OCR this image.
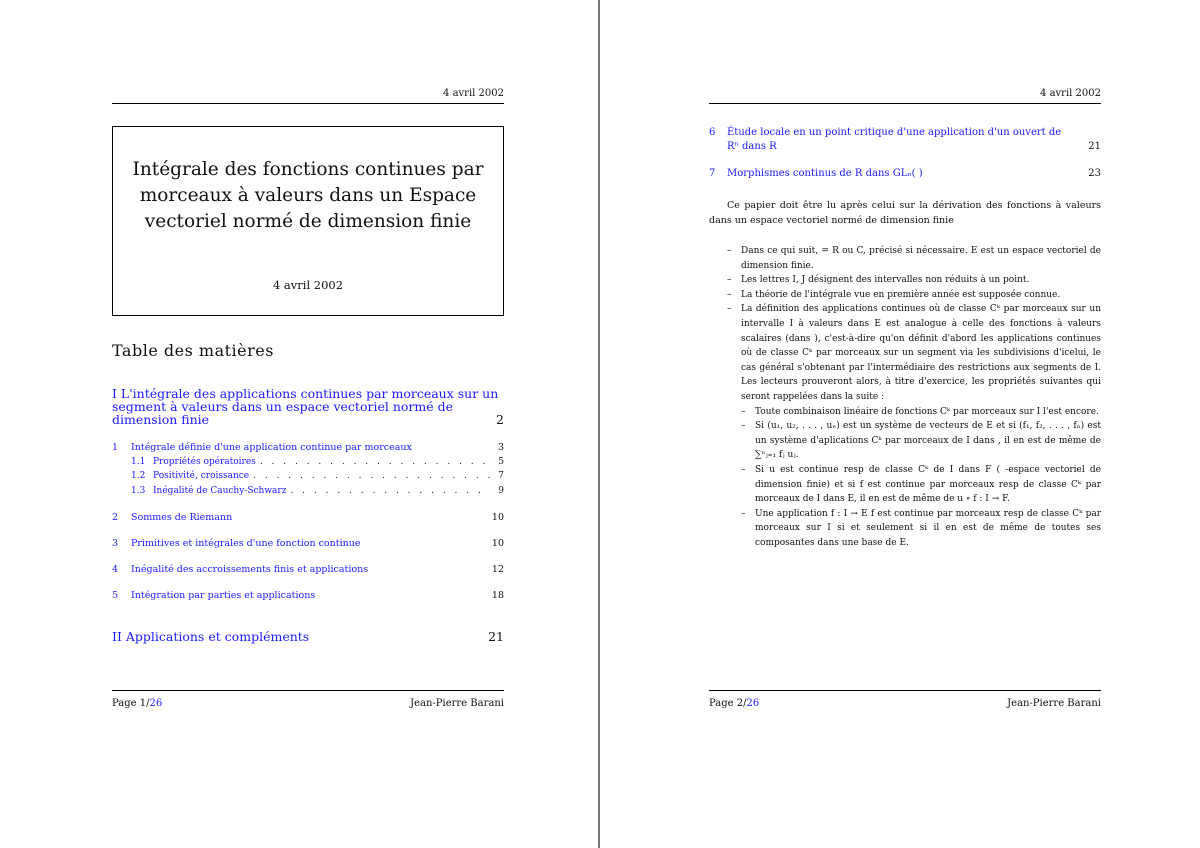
4 avril 2002
Intégrale des fonctions continues par morceaux à valeurs dans un Espace vectoriel normé de dimension finie
4 avril 2002
Table des matières
I L'intégrale des applications continues par morceaux sur un segment à valeurs dans un espace vectoriel normé de dimension finie	2
1	Intégrale définie d'une application continue par morceaux	3
1.1 Propriétés opératoires . . .	5
1.2 Positivité, croissance . . .	7
1.3 Inégalité de Cauchy-Schwarz . . .	9
2	Sommes de Riemann	10
3	Primitives et intégrales d'une fonction continue	10
4	Inégalité des accroissements finis et applications	12
5	Intégration par parties et applications	18
II Applications et compléments	21
Page 1/26	Jean-Pierre Barani
4 avril 2002
6 Étude locale en un point critique d'une application d'un ouvert de Rⁿ dans R	21
7 Morphismes continus de R dans GLₙ( )	23
Ce papier doit être lu après celui sur la dérivation des fonctions à valeurs dans un espace vectoriel normé de dimension finie
– Dans ce qui suit, = R ou C, précisé si nécessaire. E est un espace vectoriel de dimension finie.
– Les lettres I, J désignent des intervalles non réduits à un point.
– La théorie de l'intégrale vue en première année est supposée connue.
– La définition des applications continues où de classe Cᵏ par morceaux sur un intervalle I à valeurs dans E est analogue à celle des fonctions à valeurs scalaires (dans ), c'est-à-dire qu'on définit d'abord les applications continues où de classe Cᵏ par morceaux sur un segment via les subdivisions d'icelui, le cas général s'obtenant par l'intermédiaire des restrictions aux segments de I. Les lecteurs prouveront alors, à titre d'exercice, les propriétés suivantes qui seront rappelées dans la suite :
– Toute combinaison linéaire de fonctions Cᵏ par morceaux sur I l'est encore.
– Si (u₁, u₂, . . . , uₙ) est un système de vecteurs de E et si (f₁, f₂, . . . , fₙ) est un système d'aplications Cᵏ par morceaux de I dans , il en est de même de ∑ⁿⱼ₌₁ fⱼ uⱼ.
– Si u est continue resp de classe Cᵏ de I dans F ( -espace vectoriel de dimension finie) et si f est continue par morceaux resp de classe Cᵏ par morceaux de I dans E, il en est de même de u ∘ f : I → F.
– Une application f : I → E f est continue par morceaux resp de classe Cᵏ par morceaux sur I si et seulement si il en est de même de toutes ses composantes dans une base de E.
Page 2/26	Jean-Pierre Barani
